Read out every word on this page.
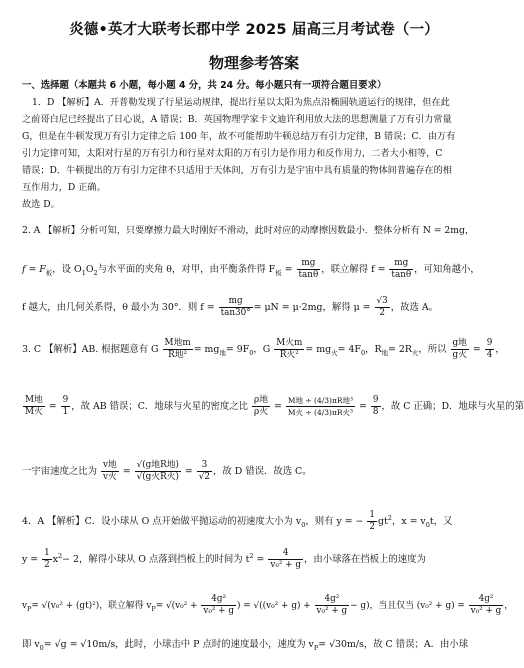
炎德•英才大联考长郡中学 2025 届高三月考试卷（一）
物理参考答案
一、选择题（本题共 6 小题，每小题 4 分，共 24 分。每小题只有一项符合题目要求）
1．D 【解析】A．开普勒发现了行星运动规律，提出行星以太阳为焦点沿椭圆轨道运行的规律，但在此
之前哥白尼已经提出了日心说，A 错误；B．英国物理学家卡文迪许利用放大法的思想测量了万有引力常量
G，但是在牛顿发现万有引力定律之后 100 年，故不可能帮助牛顿总结万有引力定律，B 错误；C．由万有
引力定律可知，太阳对行星的万有引力和行星对太阳的万有引力是作用力和反作用力，二者大小相等，C
错误；D．牛顿提出的万有引力定律不只适用于天体间，万有引力是宇宙中具有质量的物体间普遍存在的相
互作用力，D 正确。
故选 D。
2. A 【解析】分析可知，只要摩擦力最大时刚好不滑动，此时对应的动摩擦因数最小．整体分析有 N = 2mg，
$f = F_板$，设 $O_1O_2$与水平面的夹角 θ，对甲，由平衡条件得 $F_板 = \frac{mg}{\tan\theta}$ ，联立解得 $f = \frac{mg}{\tan\theta}$ ，可知角越小，
f 越大，由几何关系得，θ 最小为 30°．则 $f = \frac{mg}{\tan 30^\circ} = \mu N = \mu\cdot 2mg$，解得 $\mu = \frac{√3}{2}$ ，故选 A。
3. C 【解析】AB. 根据题意有 G $\frac{\text{M地m}}{\text{R地²}} = mg_地= 9F_0$，G $\frac{\text{M火m}}{\text{R火²}} = mg_火= 4F_0$，$R_地= 2R_火$，所以 $\frac{\text{g地}}{\text{g火}} = \frac{9}{4}$ ，
$\frac{\text{M地}}{\text{M火}} = \frac{9}{1}$ ，故 AB 错误；C．地球与火星的密度之比 $\frac{\text{ρ地}}{\text{ρ火}} = \frac{\text{M地 ÷ (4/3)πR地³}}{\text{M火 ÷ (4/3)πR火³}} = \frac{9}{8}$ ，故 C 正确；D．地球与火星的第
一宇宙速度之比为 $\frac{\text{v地}}{\text{v火}} = \frac{\text{√(g地R地)}}{\text{√(g火R火)}} = \frac{3}{√2}$ ，故 D 错误．故选 C。
4．A 【解析】C．设小球从 O 点开始做平抛运动的初速度大小为 $v_0$，则有 y = − $\frac{1}{2} gt^2$，$x = v_0t$，又
$y = \frac{1}{2} x^2- 2$，解得小球从 O 点落到挡板上的时间为 $t^2 = \frac{4}{\text{v₀² + g}}$ ，由小球落在挡板上的速度为
$v_P= √(v_0^2 + (gt)^2)$，联立解得 $v_P= √(v_0^2 + \frac{\text{4g²}}{\text{v₀² + g}}$ ) = $√((v_0^2 + g) + \frac{\text{4g²}}{\text{v₀² + g}} - g)$，当且仅当 $(v_0^2 + g) = \frac{\text{4g²}}{\text{v₀² + g}}$ ，
即 $v_0= √g = √10m/s$，此时，小球击中 P 点时的速度最小，速度为 $v_P= √30m/s$，故 C 错误；A．由小球
